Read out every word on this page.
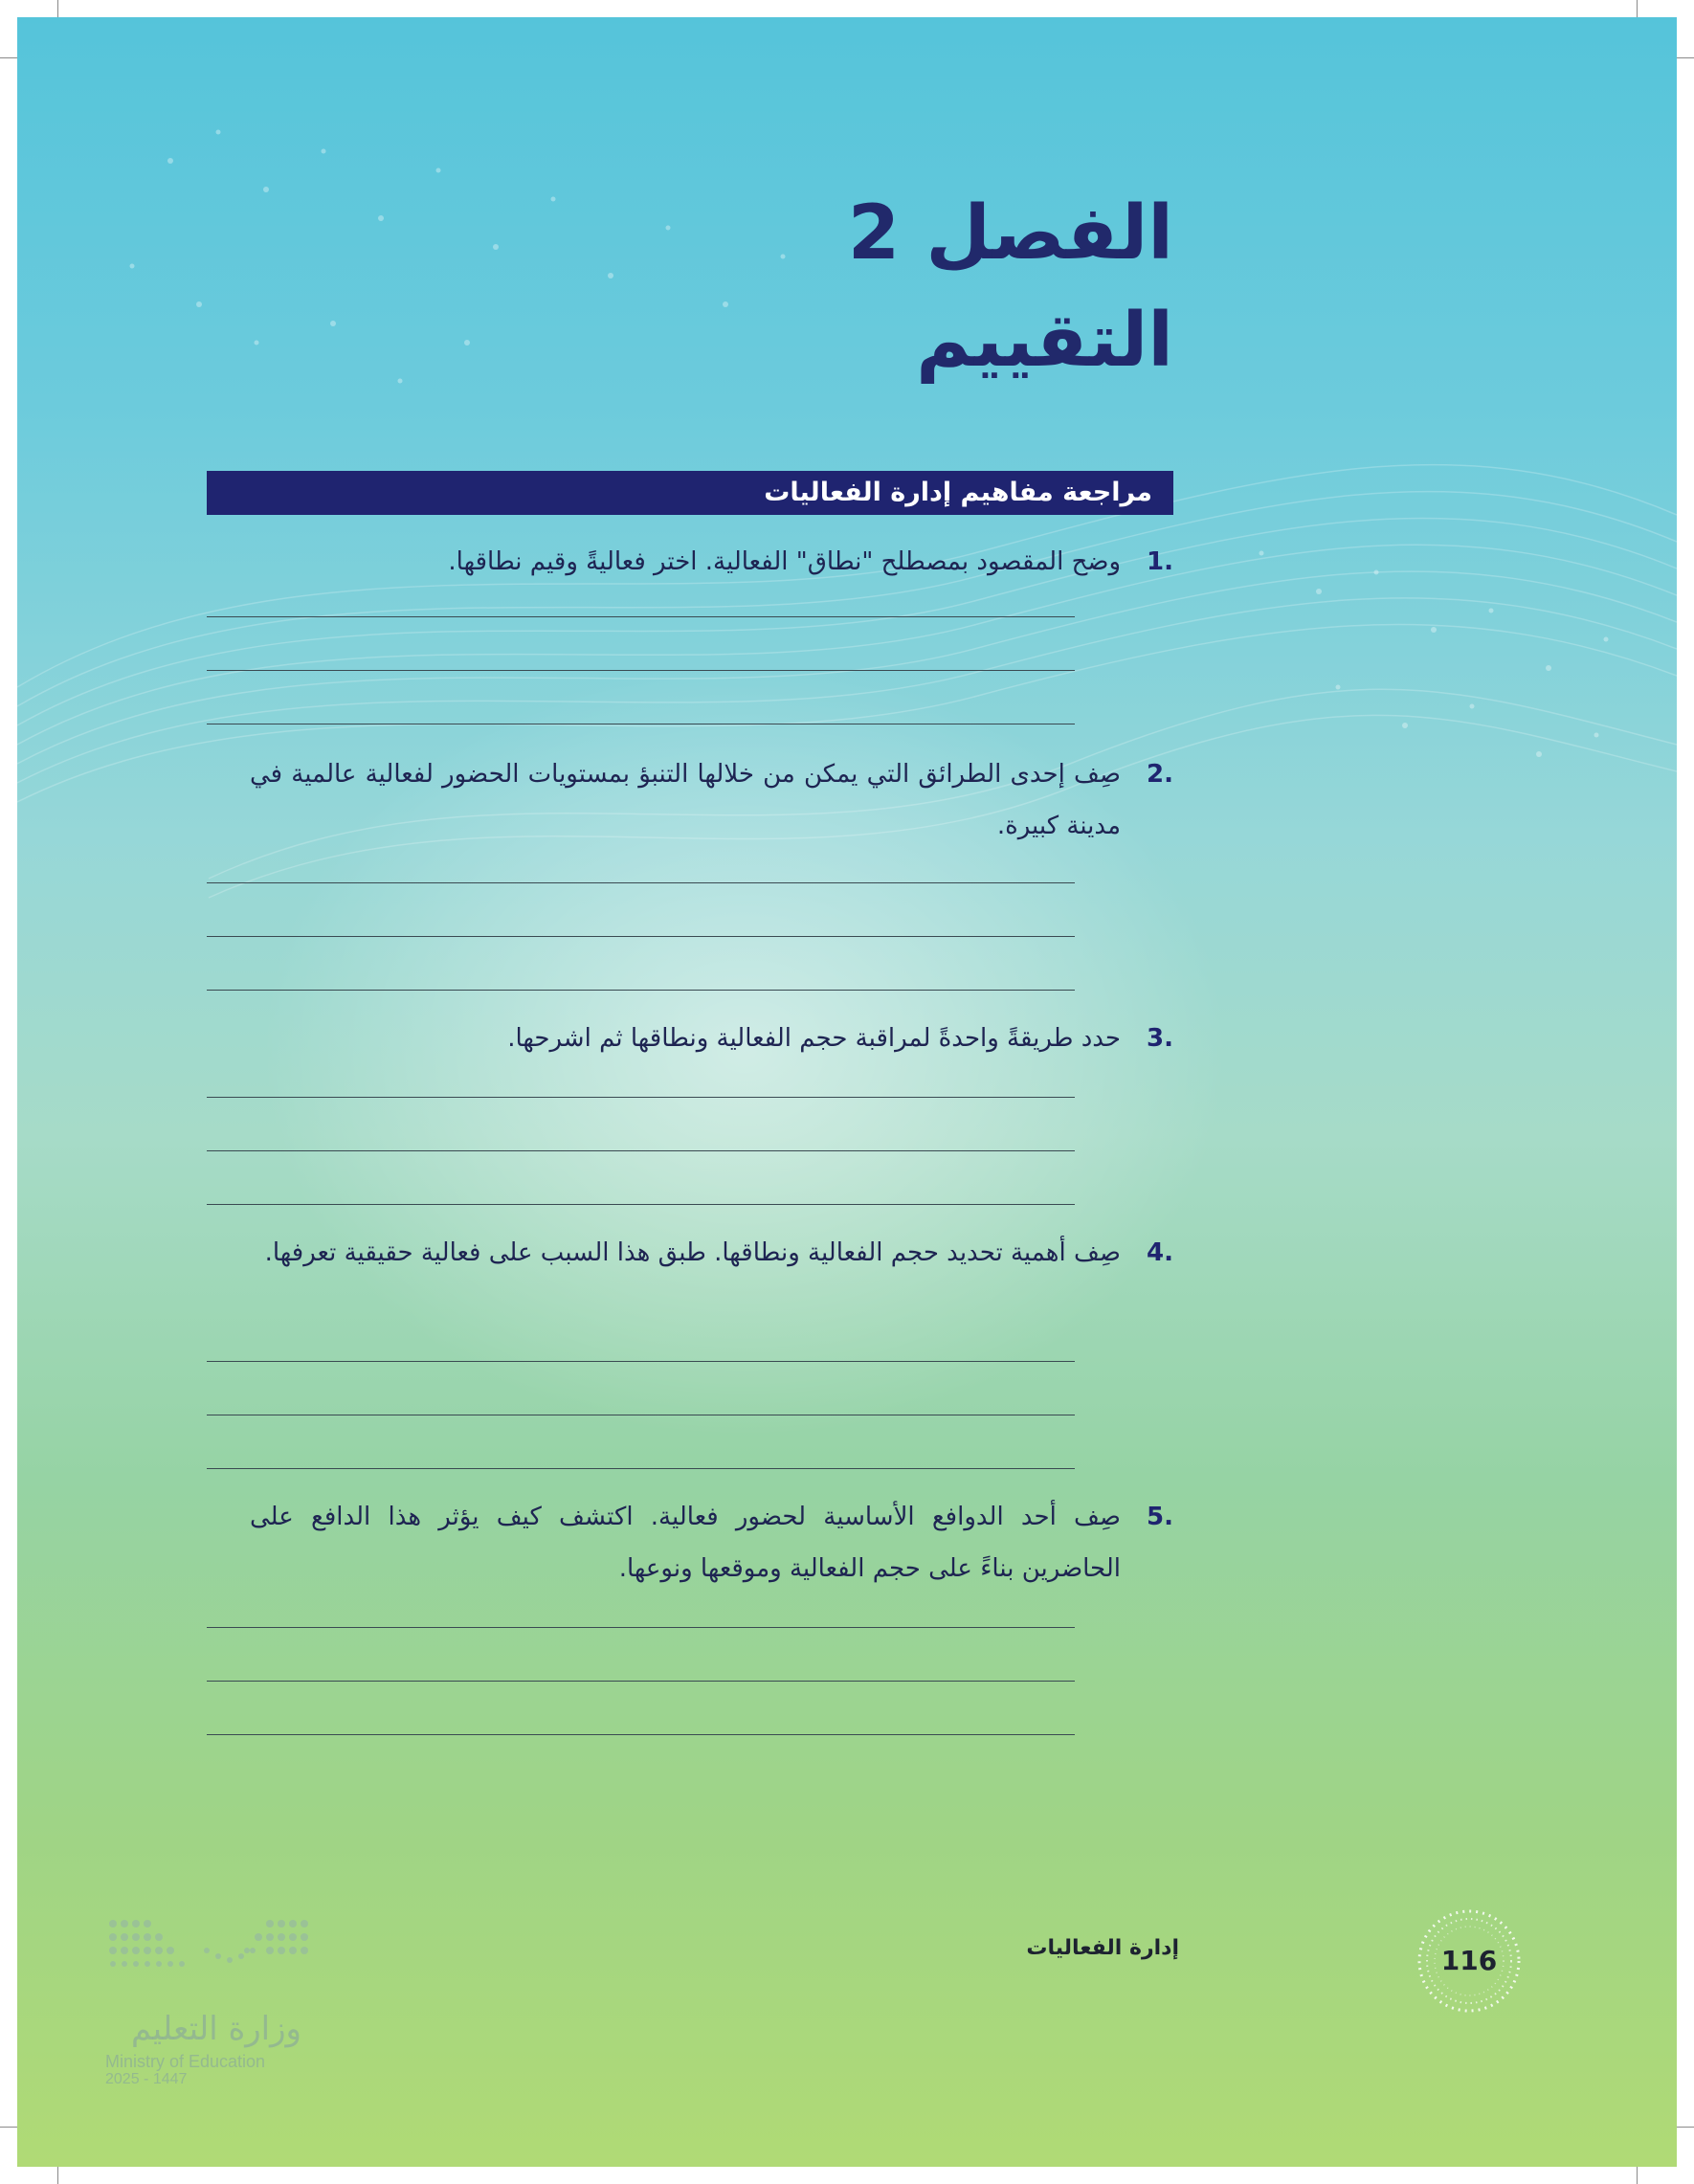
الفصل 2
التقييم
مراجعة مفاهيم إدارة الفعاليات
.1
وضح المقصود بمصطلح "نطاق" الفعالية. اختر فعاليةً وقيم نطاقها.
.2
صِف إحدى الطرائق التي يمكن من خلالها التنبؤ بمستويات الحضور لفعالية عالمية في مدينة كبيرة.
.3
حدد طريقةً واحدةً لمراقبة حجم الفعالية ونطاقها ثم اشرحها.
.4
صِف أهمية تحديد حجم الفعالية ونطاقها. طبق هذا السبب على فعالية حقيقية تعرفها.
.5
صِف أحد الدوافع الأساسية لحضور فعالية. اكتشف كيف يؤثر هذا الدافع على الحاضرين بناءً على حجم الفعالية وموقعها ونوعها.
إدارة الفعاليات	116
وزارة التعليم
Ministry of Education
2025 - 1447
